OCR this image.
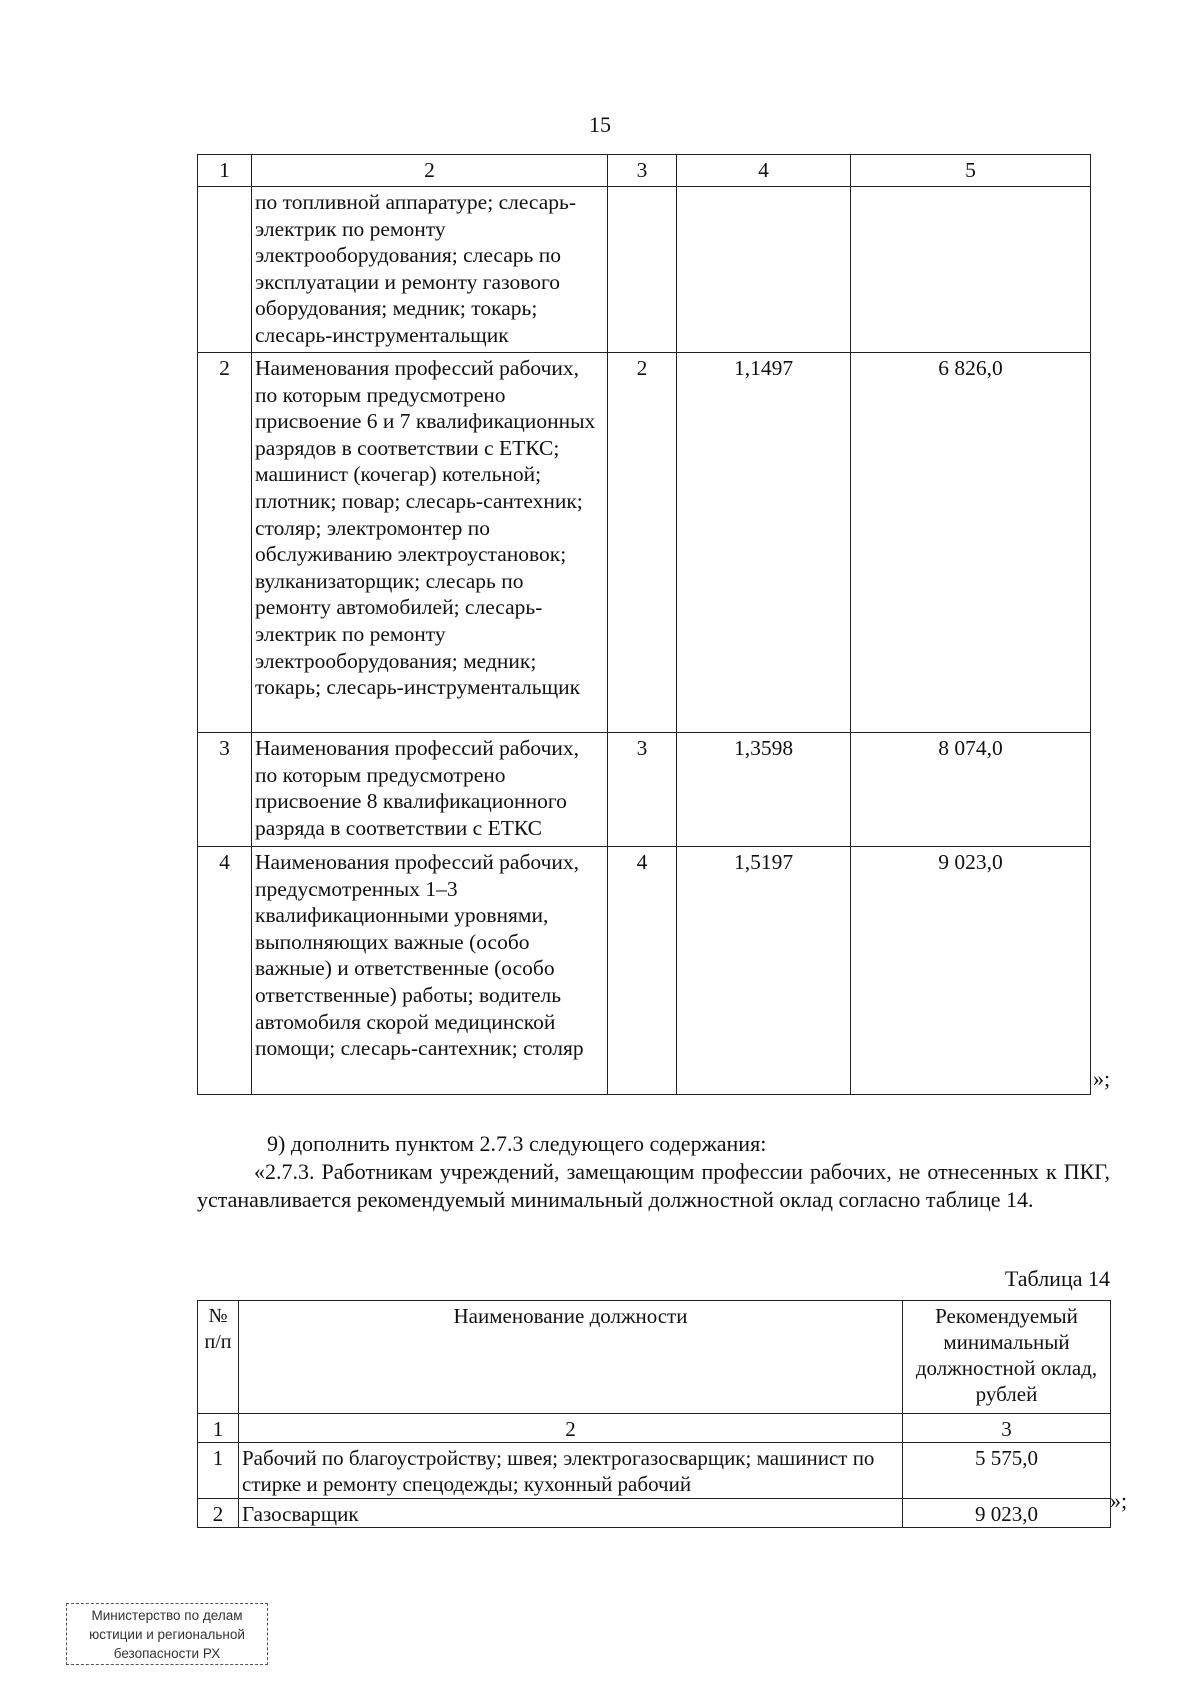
15
1	2	3	4	5
	по топливной аппаратуре; слесарь-электрик по ремонту электрооборудования; слесарь по эксплуатации и ремонту газового оборудования; медник; токарь; слесарь-инструментальщик			
2	Наименования профессий рабочих, по которым предусмотрено присвоение 6 и 7 квалификационных разрядов в соответствии с ЕТКС; машинист (кочегар) котельной; плотник; повар; слесарь-сантехник; столяр; электромонтер по обслуживанию электроустановок; вулканизаторщик; слесарь по ремонту автомобилей; слесарь-электрик по ремонту электрооборудования; медник; токарь; слесарь-инструментальщик	2	1,1497	6 826,0
3	Наименования профессий рабочих, по которым предусмотрено присвоение 8 квалификационного разряда в соответствии с ЕТКС	3	1,3598	8 074,0
4	Наименования профессий рабочих, предусмотренных 1–3 квалификационными уровнями, выполняющих важные (особо важные) и ответственные (особо ответственные) работы; водитель автомобиля скорой медицинской помощи; слесарь-сантехник; столяр	4	1,5197	9 023,0
»;
9) дополнить пунктом 2.7.3 следующего содержания:
«2.7.3. Работникам учреждений, замещающим профессии рабочих, не отнесенных к ПКГ, устанавливается рекомендуемый минимальный должностной оклад согласно таблице 14.
Таблица 14
№ п/п	Наименование должности	Рекомендуемый минимальный должностной оклад, рублей
1	2	3
1	Рабочий по благоустройству; швея; электрогазосварщик; машинист по стирке и ремонту спецодежды; кухонный рабочий	5 575,0
2	Газосварщик	9 023,0
»;
Министерство по делам
юстиции и региональной
безопасности РХ
